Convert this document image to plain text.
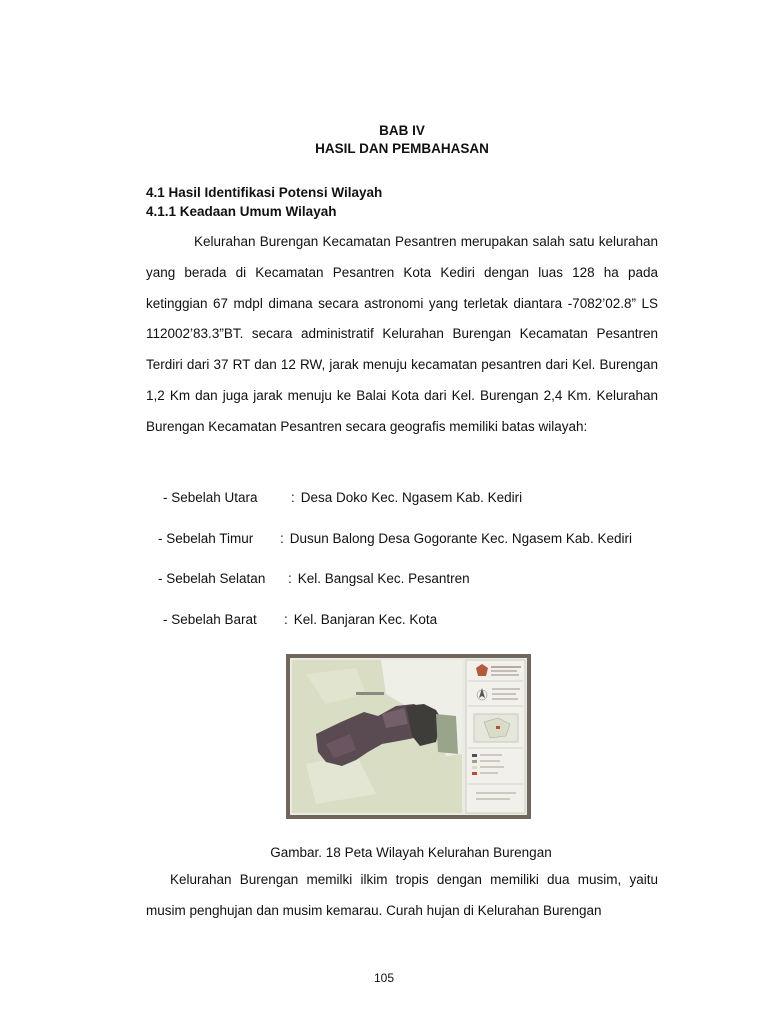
BAB IV
HASIL DAN PEMBAHASAN
4.1 Hasil Identifikasi Potensi Wilayah
4.1.1 Keadaan Umum Wilayah

Kelurahan Burengan Kecamatan Pesantren merupakan salah satu kelurahan yang berada di Kecamatan Pesantren Kota Kediri dengan luas 128 ha pada ketinggian 67 mdpl dimana secara astronomi yang terletak diantara -7082’02.8” LS 112002’83.3”BT. secara administratif Kelurahan Burengan Kecamatan Pesantren Terdiri dari 37 RT dan 12 RW, jarak menuju kecamatan pesantren dari Kel. Burengan 1,2 Km dan juga jarak menuju ke Balai Kota dari Kel. Burengan 2,4 Km. Kelurahan Burengan Kecamatan Pesantren secara geografis memiliki batas wilayah:

- Sebelah Utara : Desa Doko Kec. Ngasem Kab. Kediri
- Sebelah Timur : Dusun Balong Desa Gogorante Kec. Ngasem Kab. Kediri
- Sebelah Selatan : Kel. Bangsal Kec. Pesantren
- Sebelah Barat : Kel. Banjaran Kec. Kota
Gambar. 18 Peta Wilayah Kelurahan Burengan

Kelurahan Burengan memilki ilkim tropis dengan memiliki dua musim, yaitu musim penghujan dan musim kemarau. Curah hujan di Kelurahan Burengan

105
